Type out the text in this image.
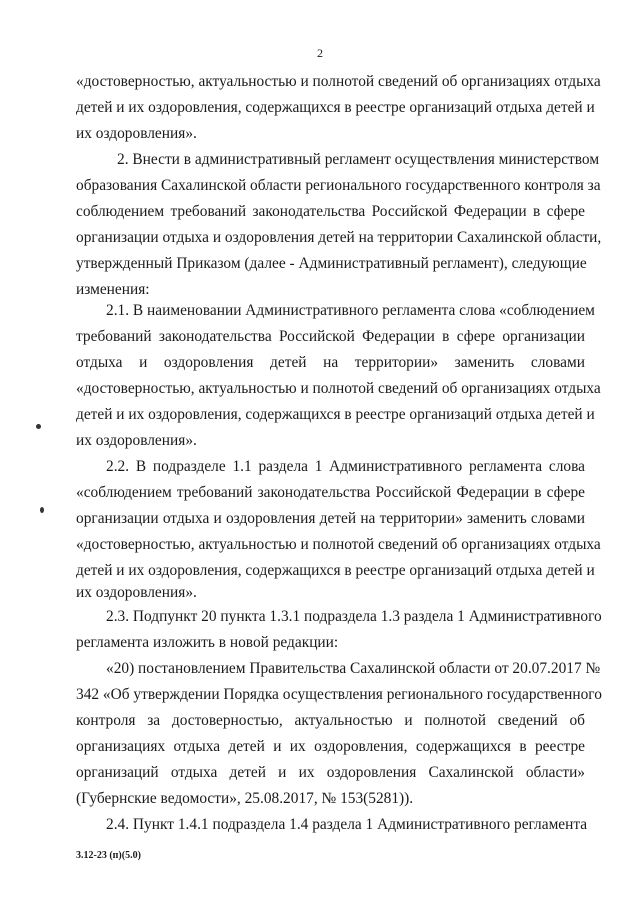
2
«достоверностью, актуальностью и полнотой сведений об организациях отдыха
детей и их оздоровления, содержащихся в реестре организаций отдыха детей и
их оздоровления».
2. Внести в административный регламент осуществления министерством
образования Сахалинской области регионального государственного контроля за
соблюдением требований законодательства Российской Федерации в сфере
организации отдыха и оздоровления детей на территории Сахалинской области,
утвержденный Приказом (далее - Административный регламент), следующие
изменения:
2.1. В наименовании Административного регламента слова «соблюдением
требований законодательства Российской Федерации в сфере организации
отдыха и оздоровления детей на территории» заменить словами
«достоверностью, актуальностью и полнотой сведений об организациях отдыха
детей и их оздоровления, содержащихся в реестре организаций отдыха детей и
их оздоровления».
2.2. В подразделе 1.1 раздела 1 Административного регламента слова
«соблюдением требований законодательства Российской Федерации в сфере
организации отдыха и оздоровления детей на территории» заменить словами
«достоверностью, актуальностью и полнотой сведений об организациях отдыха
детей и их оздоровления, содержащихся в реестре организаций отдыха детей и
их оздоровления».
2.3. Подпункт 20 пункта 1.3.1 подраздела 1.3 раздела 1 Административного
регламента изложить в новой редакции:
«20) постановлением Правительства Сахалинской области от 20.07.2017 №
342 «Об утверждении Порядка осуществления регионального государственного
контроля за достоверностью, актуальностью и полнотой сведений об
организациях отдыха детей и их оздоровления, содержащихся в реестре
организаций отдыха детей и их оздоровления Сахалинской области»
(Губернские ведомости», 25.08.2017, № 153(5281)).
2.4. Пункт 1.4.1 подраздела 1.4 раздела 1 Административного регламента
3.12-23 (п)(5.0)
